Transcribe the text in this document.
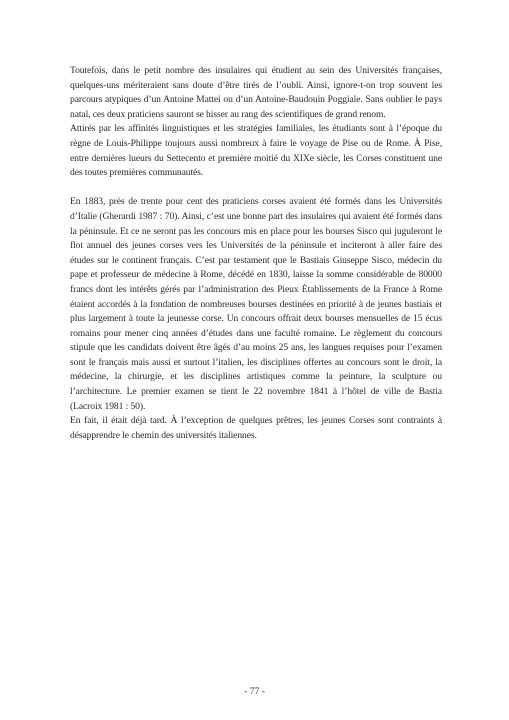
Toutefois, dans le petit nombre des insulaires qui étudient au sein des Universités françaises, quelques-uns mériteraient sans doute d’être tirés de l’oubli. Ainsi, ignore-t-on trop souvent les parcours atypiques d’un Antoine Mattei ou d’un Antoine-Baudouin Poggiale. Sans oublier le pays natal, ces deux praticiens sauront se hisser au rang des scientifiques de grand renom.

Attirés par les affinités linguistiques et les stratégies familiales, les étudiants sont à l’époque du règne de Louis-Philippe toujours aussi nombreux à faire le voyage de Pise ou de Rome. À Pise, entre dernières lueurs du Settecento et première moitié du XIXe siècle, les Corses constituent une des toutes premières communautés.

En 1883, près de trente pour cent des praticiens corses avaient été formés dans les Universités d’Italie (Gherardi 1987 : 70). Ainsi, c’est une bonne part des insulaires qui avaient été formés dans la péninsule. Et ce ne seront pas les concours mis en place pour les bourses Sisco qui juguleront le flot annuel des jeunes corses vers les Universités de la péninsule et inciteront à aller faire des études sur le continent français. C’est par testament que le Bastiais Giuseppe Sisco, médecin du pape et professeur de médecine à Rome, décédé en 1830, laisse la somme considérable de 80000 francs dont les intérêts gérés par l’administration des Pieux Établissements de la France à Rome étaient accordés à la fondation de nombreuses bourses destinées en priorité à de jeunes bastiais et plus largement à toute la jeunesse corse. Un concours offrait deux bourses mensuelles de 15 écus romains pour mener cinq années d’études dans une faculté romaine. Le règlement du concours stipule que les candidats doivent être âgés d’au moins 25 ans, les langues requises pour l’examen sont le français mais aussi et surtout l’italien, les disciplines offertes au concours sont le droit, la médecine, la chirurgie, et les disciplines artistiques comme la peinture, la sculpture ou l’architecture. Le premier examen se tient le 22 novembre 1841 à l’hôtel de ville de Bastia (Lacroix 1981 : 50).

En fait, il était déjà tard. À l’exception de quelques prêtres, les jeunes Corses sont contraints à désapprendre le chemin des universités italiennes.

- 77 -
